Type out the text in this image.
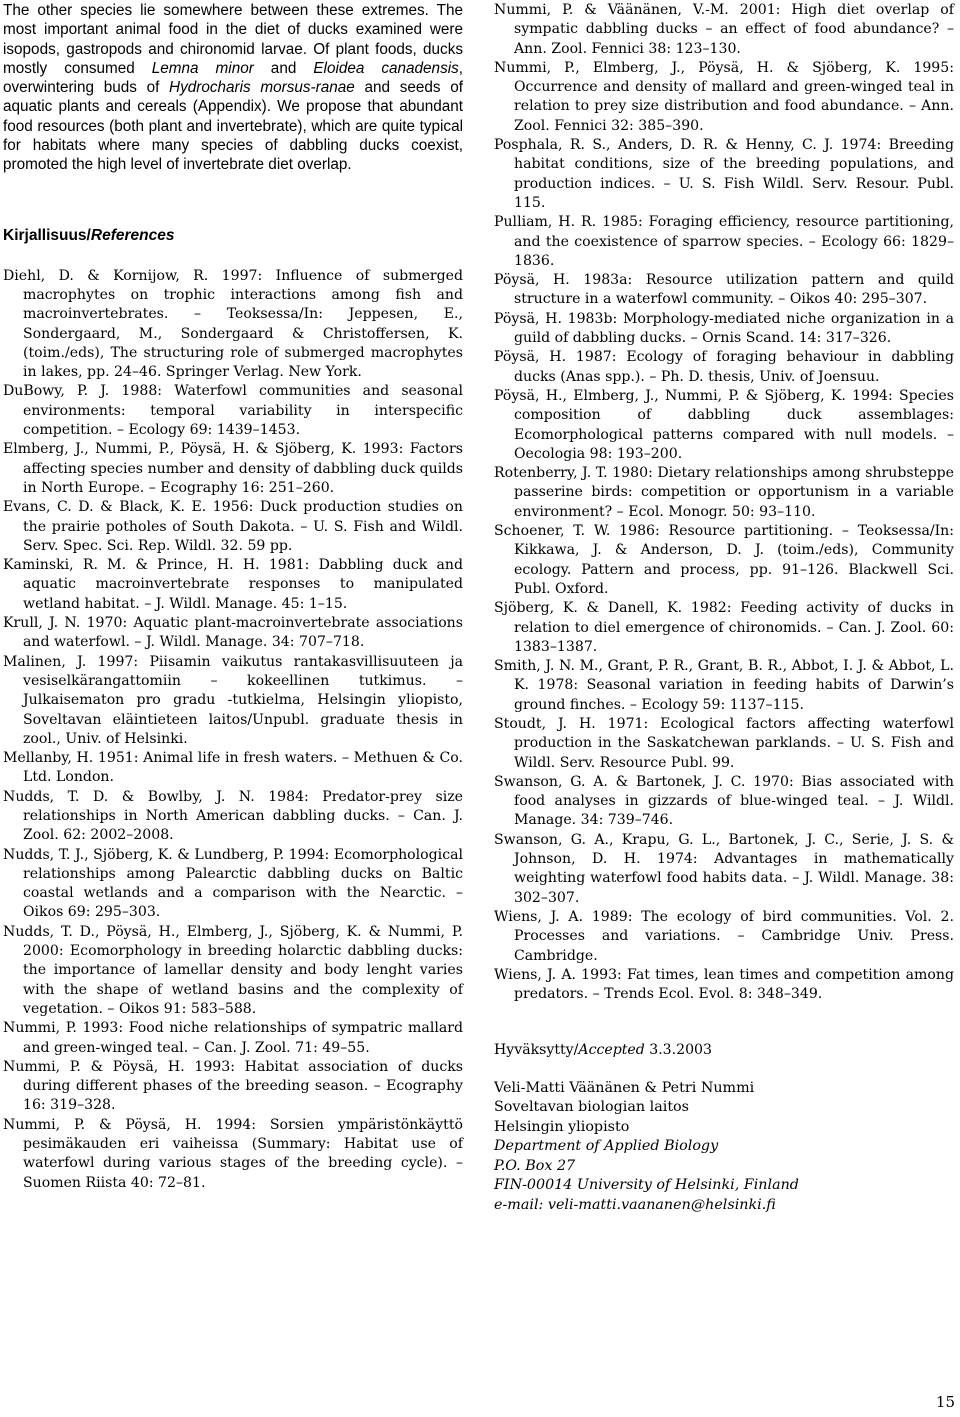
The other species lie somewhere between these extremes. The most important animal food in the diet of ducks examined were isopods, gastropods and chironomid larvae. Of plant foods, ducks mostly consumed Lemna minor and Eloidea canadensis, overwintering buds of Hydrocharis morsus-ranae and seeds of aquatic plants and cereals (Appendix). We propose that abundant food resources (both plant and invertebrate), which are quite typical for habitats where many species of dabbling ducks coexist, promoted the high level of invertebrate diet overlap.

Kirjallisuus/References

Diehl, D. & Kornijow, R. 1997: Influence of submerged macrophytes on trophic interactions among fish and macroinvertebrates. – Teoksessa/In: Jeppesen, E., Sondergaard, M., Sondergaard & Christoffersen, K. (toim./eds), The structuring role of submerged macrophytes in lakes, pp. 24–46. Springer Verlag. New York.

DuBowy, P. J. 1988: Waterfowl communities and seasonal environments: temporal variability in interspecific competition. – Ecology 69: 1439–1453.

Elmberg, J., Nummi, P., Pöysä, H. & Sjöberg, K. 1993: Factors affecting species number and density of dabbling duck quilds in North Europe. – Ecography 16: 251–260.

Evans, C. D. & Black, K. E. 1956: Duck production studies on the prairie potholes of South Dakota. – U. S. Fish and Wildl. Serv. Spec. Sci. Rep. Wildl. 32. 59 pp.

Kaminski, R. M. & Prince, H. H. 1981: Dabbling duck and aquatic macroinvertebrate responses to manipulated wetland habitat. – J. Wildl. Manage. 45: 1–15.

Krull, J. N. 1970: Aquatic plant-macroinvertebrate associations and waterfowl. – J. Wildl. Manage. 34: 707–718.

Malinen, J. 1997: Piisamin vaikutus rantakasvillisuuteen ja vesiselkärangattomiin – kokeellinen tutkimus. – Julkaisematon pro gradu -tutkielma, Helsingin yliopisto, Soveltavan eläintieteen laitos/Unpubl. graduate thesis in zool., Univ. of Helsinki.

Mellanby, H. 1951: Animal life in fresh waters. – Methuen & Co. Ltd. London.

Nudds, T. D. & Bowlby, J. N. 1984: Predator-prey size relationships in North American dabbling ducks. – Can. J. Zool. 62: 2002–2008.

Nudds, T. J., Sjöberg, K. & Lundberg, P. 1994: Ecomorphological relationships among Palearctic dabbling ducks on Baltic coastal wetlands and a comparison with the Nearctic. – Oikos 69: 295–303.

Nudds, T. D., Pöysä, H., Elmberg, J., Sjöberg, K. & Nummi, P. 2000: Ecomorphology in breeding holarctic dabbling ducks: the importance of lamellar density and body lenght varies with the shape of wetland basins and the complexity of vegetation. – Oikos 91: 583–588.

Nummi, P. 1993: Food niche relationships of sympatric mallard and green-winged teal. – Can. J. Zool. 71: 49–55.

Nummi, P. & Pöysä, H. 1993: Habitat association of ducks during different phases of the breeding season. – Ecography 16: 319–328.

Nummi, P. & Pöysä, H. 1994: Sorsien ympäristönkäyttö pesimäkauden eri vaiheissa (Summary: Habitat use of waterfowl during various stages of the breeding cycle). – Suomen Riista 40: 72–81.

Nummi, P. & Väänänen, V.-M. 2001: High diet overlap of sympatic dabbling ducks – an effect of food abundance? – Ann. Zool. Fennici 38: 123–130.

Nummi, P., Elmberg, J., Pöysä, H. & Sjöberg, K. 1995: Occurrence and density of mallard and green-winged teal in relation to prey size distribution and food abundance. – Ann. Zool. Fennici 32: 385–390.

Posphala, R. S., Anders, D. R. & Henny, C. J. 1974: Breeding habitat conditions, size of the breeding populations, and production indices. – U. S. Fish Wildl. Serv. Resour. Publ. 115.

Pulliam, H. R. 1985: Foraging efficiency, resource partitioning, and the coexistence of sparrow species. – Ecology 66: 1829–1836.

Pöysä, H. 1983a: Resource utilization pattern and quild structure in a waterfowl community. – Oikos 40: 295–307.

Pöysä, H. 1983b: Morphology-mediated niche organization in a guild of dabbling ducks. – Ornis Scand. 14: 317–326.

Pöysä, H. 1987: Ecology of foraging behaviour in dabbling ducks (Anas spp.). – Ph. D. thesis, Univ. of Joensuu.

Pöysä, H., Elmberg, J., Nummi, P. & Sjöberg, K. 1994: Species composition of dabbling duck assemblages: Ecomorphological patterns compared with null models. – Oecologia 98: 193–200.

Rotenberry, J. T. 1980: Dietary relationships among shrubsteppe passerine birds: competition or opportunism in a variable environment? – Ecol. Monogr. 50: 93–110.

Schoener, T. W. 1986: Resource partitioning. – Teoksessa/In: Kikkawa, J. & Anderson, D. J. (toim./eds), Community ecology. Pattern and process, pp. 91–126. Blackwell Sci. Publ. Oxford.

Sjöberg, K. & Danell, K. 1982: Feeding activity of ducks in relation to diel emergence of chironomids. – Can. J. Zool. 60: 1383–1387.

Smith, J. N. M., Grant, P. R., Grant, B. R., Abbot, I. J. & Abbot, L. K. 1978: Seasonal variation in feeding habits of Darwin’s ground finches. – Ecology 59: 1137–115.

Stoudt, J. H. 1971: Ecological factors affecting waterfowl production in the Saskatchewan parklands. – U. S. Fish and Wildl. Serv. Resource Publ. 99.

Swanson, G. A. & Bartonek, J. C. 1970: Bias associated with food analyses in gizzards of blue-winged teal. – J. Wildl. Manage. 34: 739–746.

Swanson, G. A., Krapu, G. L., Bartonek, J. C., Serie, J. S. & Johnson, D. H. 1974: Advantages in mathematically weighting waterfowl food habits data. – J. Wildl. Manage. 38: 302–307.

Wiens, J. A. 1989: The ecology of bird communities. Vol. 2. Processes and variations. – Cambridge Univ. Press. Cambridge.

Wiens, J. A. 1993: Fat times, lean times and competition among predators. – Trends Ecol. Evol. 8: 348–349.

Hyväksytty/Accepted 3.3.2003

Veli-Matti Väänänen & Petri Nummi

Soveltavan biologian laitos

Helsingin yliopisto

Department of Applied Biology

P.O. Box 27

FIN-00014 University of Helsinki, Finland

e-mail: veli-matti.vaananen@helsinki.fi

15
